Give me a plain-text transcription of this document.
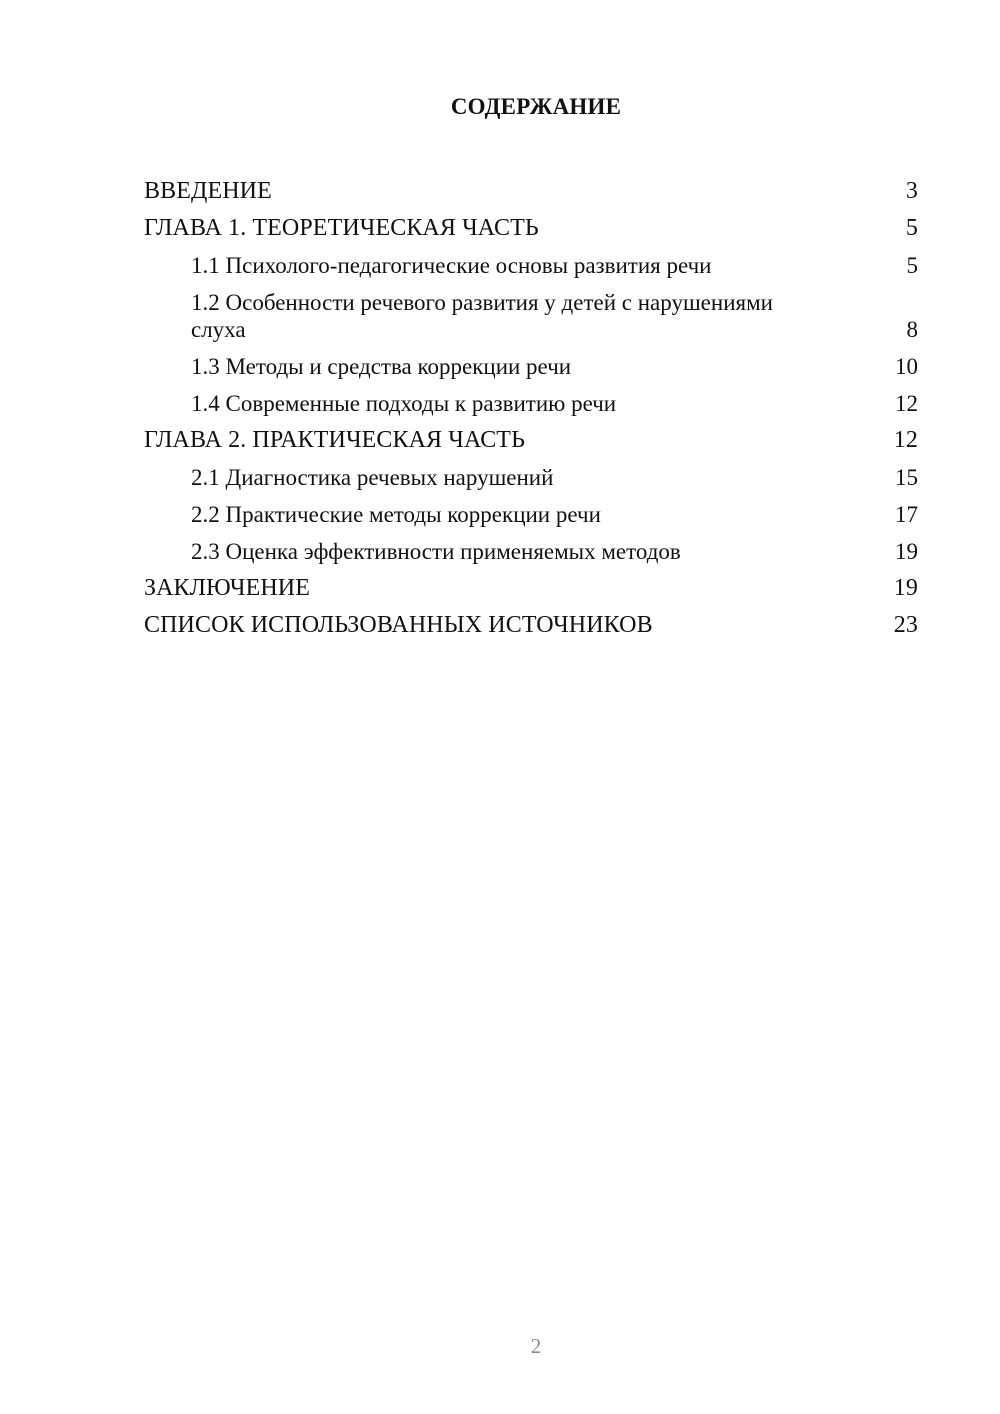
СОДЕРЖАНИЕ
ВВЕДЕНИЕ	3
ГЛАВА 1. ТЕОРЕТИЧЕСКАЯ ЧАСТЬ	5
1.1 Психолого-педагогические основы развития речи	5
1.2 Особенности речевого развития у детей с нарушениями слуха	8
1.3 Методы и средства коррекции речи	10
1.4 Современные подходы к развитию речи	12
ГЛАВА 2. ПРАКТИЧЕСКАЯ ЧАСТЬ	12
2.1 Диагностика речевых нарушений	15
2.2 Практические методы коррекции речи	17
2.3 Оценка эффективности применяемых методов	19
ЗАКЛЮЧЕНИЕ	19
СПИСОК ИСПОЛЬЗОВАННЫХ ИСТОЧНИКОВ	23
2
